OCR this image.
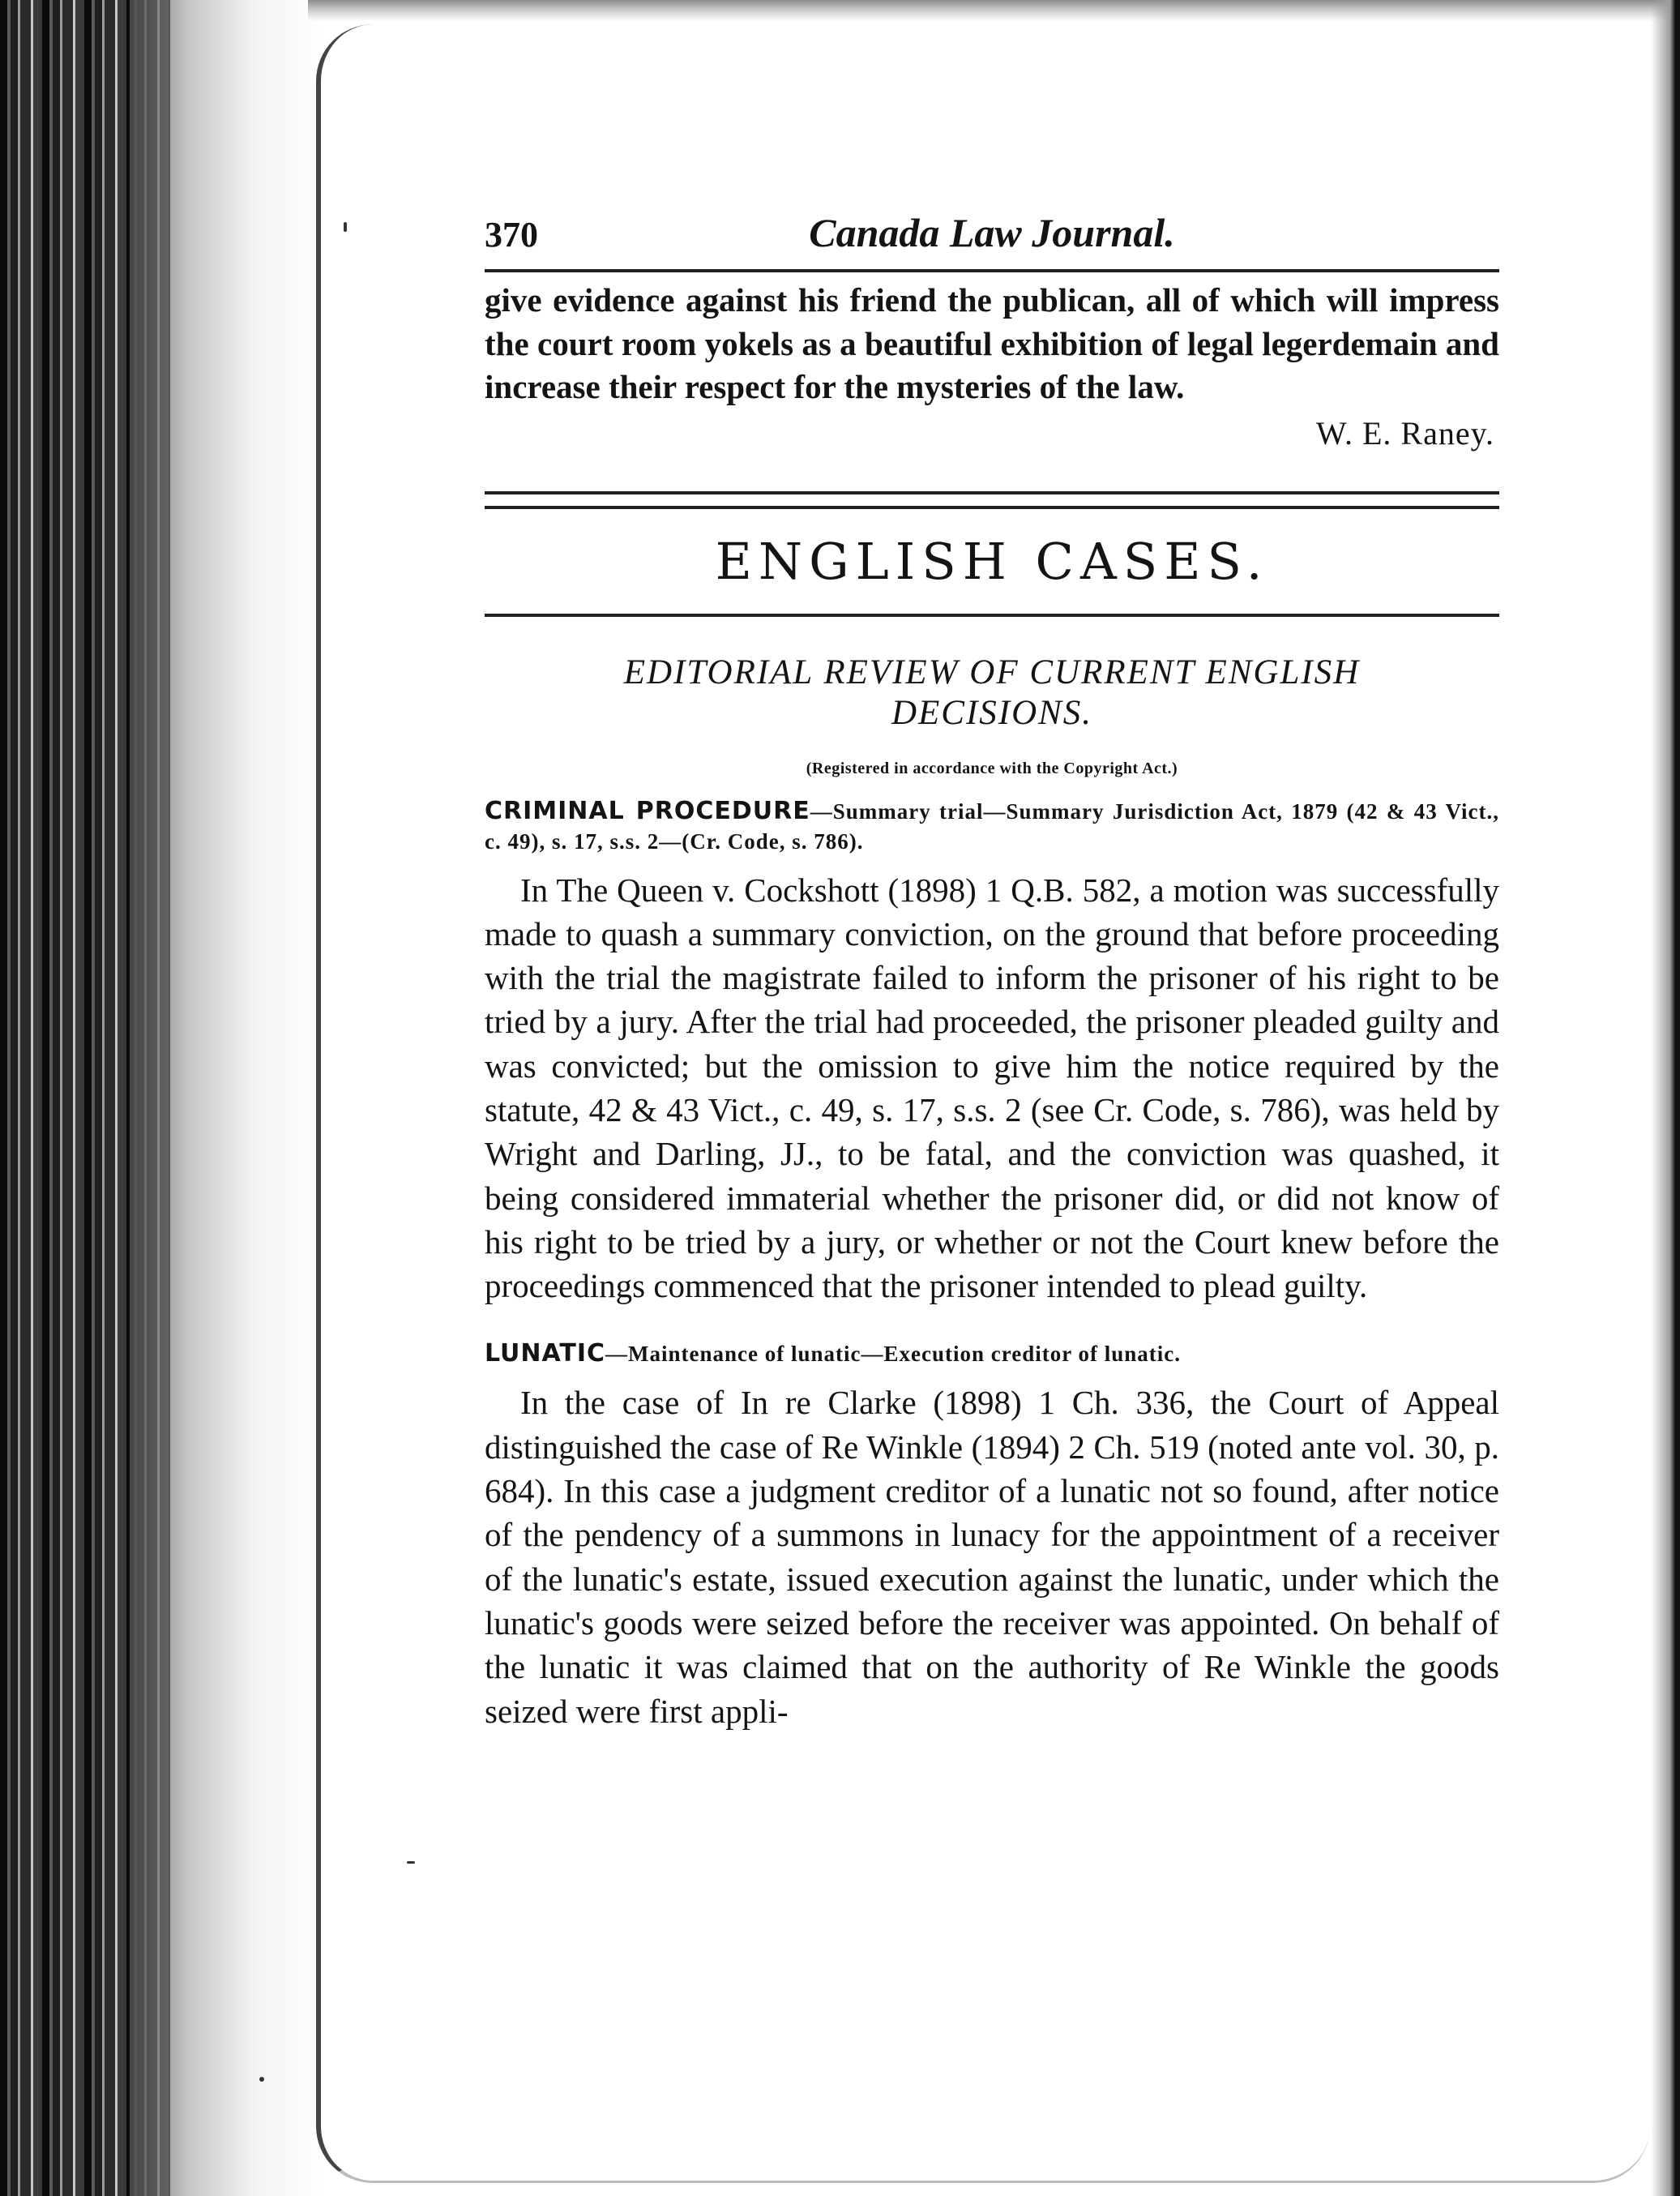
370	Canada Law Journal.

give evidence against his friend the publican, all of which will impress the court room yokels as a beautiful exhibition of legal legerdemain and increase their respect for the mysteries of the law.

W. E. Raney.
ENGLISH CASES.
EDITORIAL REVIEW OF CURRENT ENGLISH DECISIONS.
(Registered in accordance with the Copyright Act.)
CRIMINAL PROCEDURE—Summary trial—Summary Jurisdiction Act, 1879 (42 & 43 Vict., c. 49), s. 17, s.s. 2—(Cr. Code, s. 786).

In The Queen v. Cockshott (1898) 1 Q.B. 582, a motion was successfully made to quash a summary conviction, on the ground that before proceeding with the trial the magistrate failed to inform the prisoner of his right to be tried by a jury. After the trial had proceeded, the prisoner pleaded guilty and was convicted; but the omission to give him the notice required by the statute, 42 & 43 Vict., c. 49, s. 17, s.s. 2 (see Cr. Code, s. 786), was held by Wright and Darling, JJ., to be fatal, and the conviction was quashed, it being considered immaterial whether the prisoner did, or did not know of his right to be tried by a jury, or whether or not the Court knew before the proceedings commenced that the prisoner intended to plead guilty.

LUNATIC—Maintenance of lunatic—Execution creditor of lunatic.

In the case of In re Clarke (1898) 1 Ch. 336, the Court of Appeal distinguished the case of Re Winkle (1894) 2 Ch. 519 (noted ante vol. 30, p. 684). In this case a judgment creditor of a lunatic not so found, after notice of the pendency of a summons in lunacy for the appointment of a receiver of the lunatic's estate, issued execution against the lunatic, under which the lunatic's goods were seized before the receiver was appointed. On behalf of the lunatic it was claimed that on the authority of Re Winkle the goods seized were first appli-
